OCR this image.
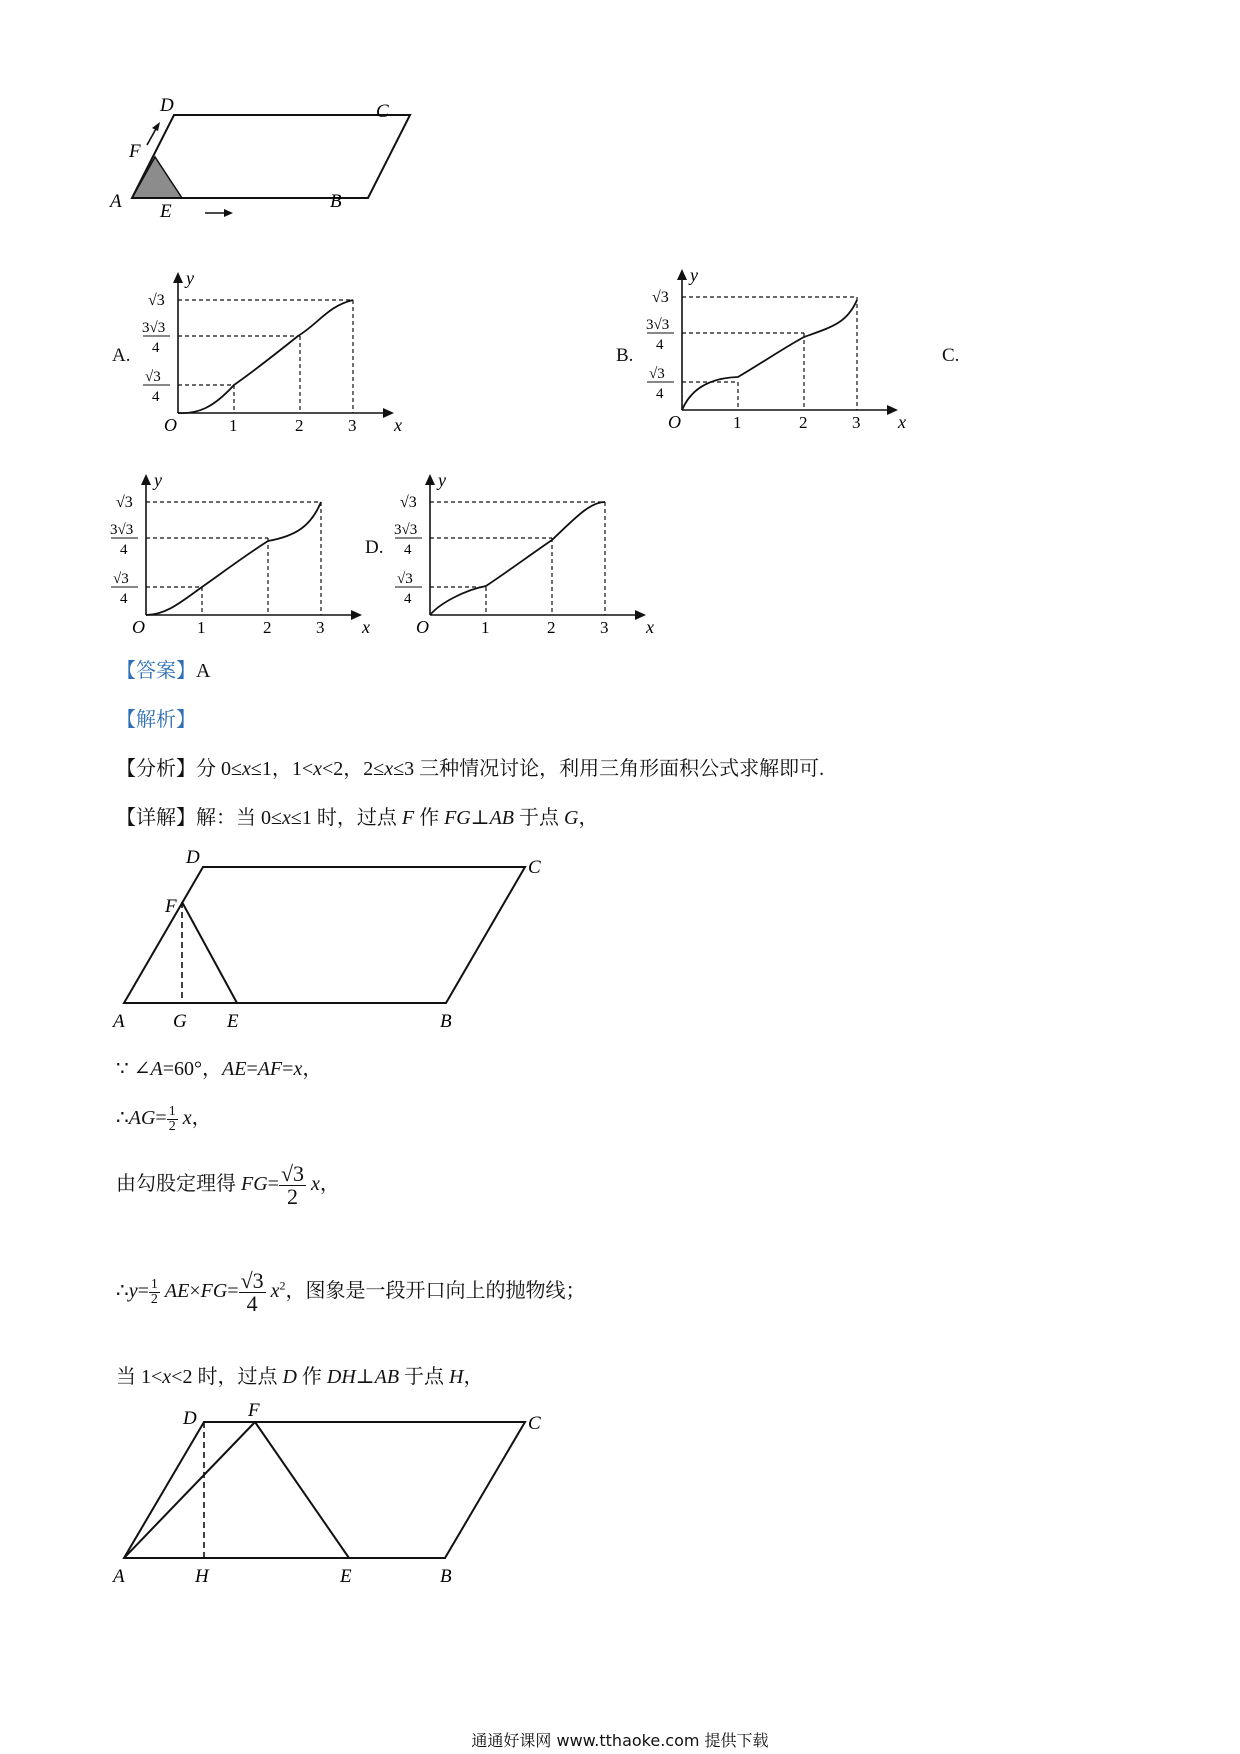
A	B
C
D
E
F
A.	B.	C.
D.
y
x
O	1	2	3
√3
3√3
4
√3
4
y
x
O	1	2	3
√3
3√3
4
√3
4
y
x
O	1	2	3
√3
3√3
4
√3
4
y
x
O	1	2	3
√3
3√3
4
√3
4
【答案】A
【解析】
【分析】分 0≤x≤1，1<x<2，2≤x≤3 三种情况讨论，利用三角形面积公式求解即可.
【详解】解：当 0≤x≤1 时，过点 F 作 FG⊥AB 于点 G，
A	G E	B
C
D
F
∵ ∠A=60°，AE=AF=x，
∴AG= $\frac{1}{2}$ x，
由勾股定理得 $FG= \frac{√3}{2}$ x，
∴y= $\frac{1}{2} AE\times FG= \frac{√3}{4} x^2$，图象是一段开口向上的抛物线；
当 1<x<2 时，过点 D 作 DH⊥AB 于点 H，
A	H	E	B
C
D	F
通通好课网 www.tthaoke.com 提供下载
